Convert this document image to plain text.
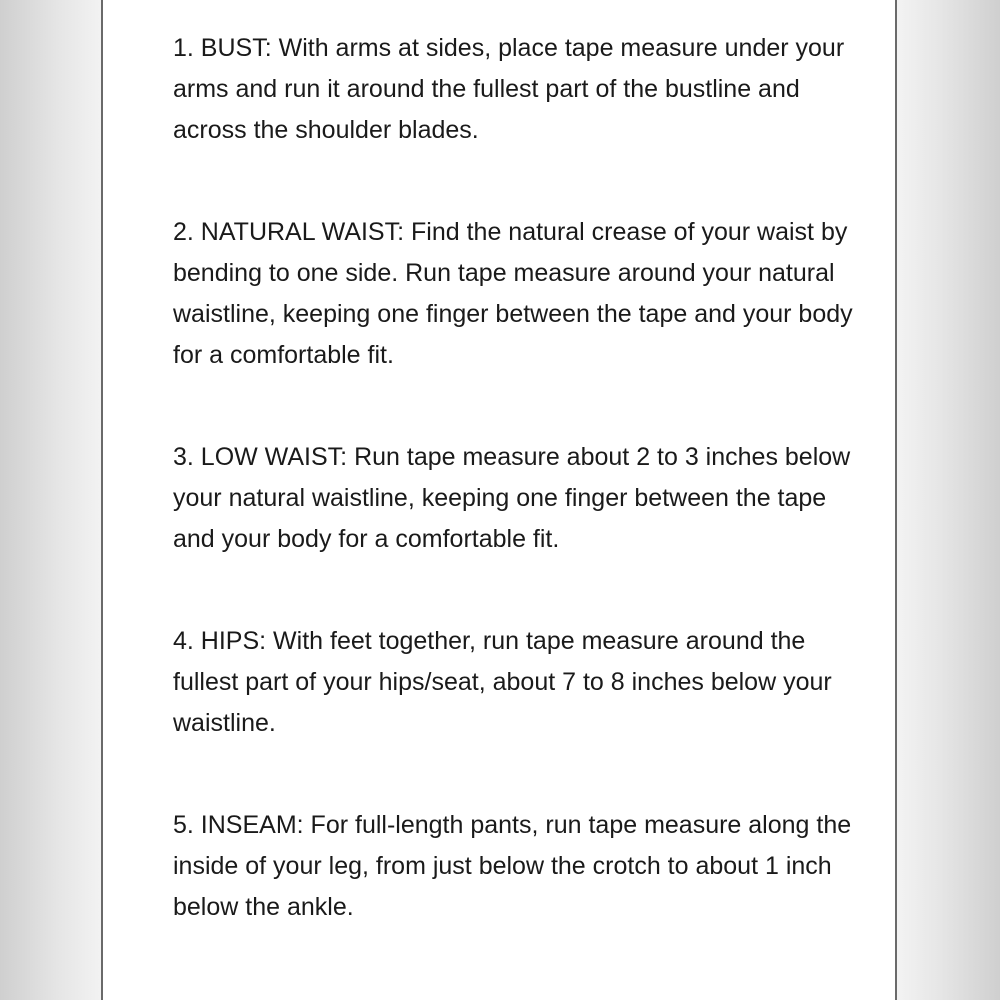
1. BUST: With arms at sides, place tape measure under your arms and run it around the fullest part of the bustline and across the shoulder blades.

2. NATURAL WAIST: Find the natural crease of your waist by bending to one side. Run tape measure around your natural waistline, keeping one finger between the tape and your body for a comfortable fit.

3. LOW WAIST: Run tape measure about 2 to 3 inches below your natural waistline, keeping one finger between the tape and your body for a comfortable fit.

4. HIPS: With feet together, run tape measure around the fullest part of your hips/seat, about 7 to 8 inches below your waistline.

5. INSEAM: For full-length pants, run tape measure along the inside of your leg, from just below the crotch to about 1 inch below the ankle.
